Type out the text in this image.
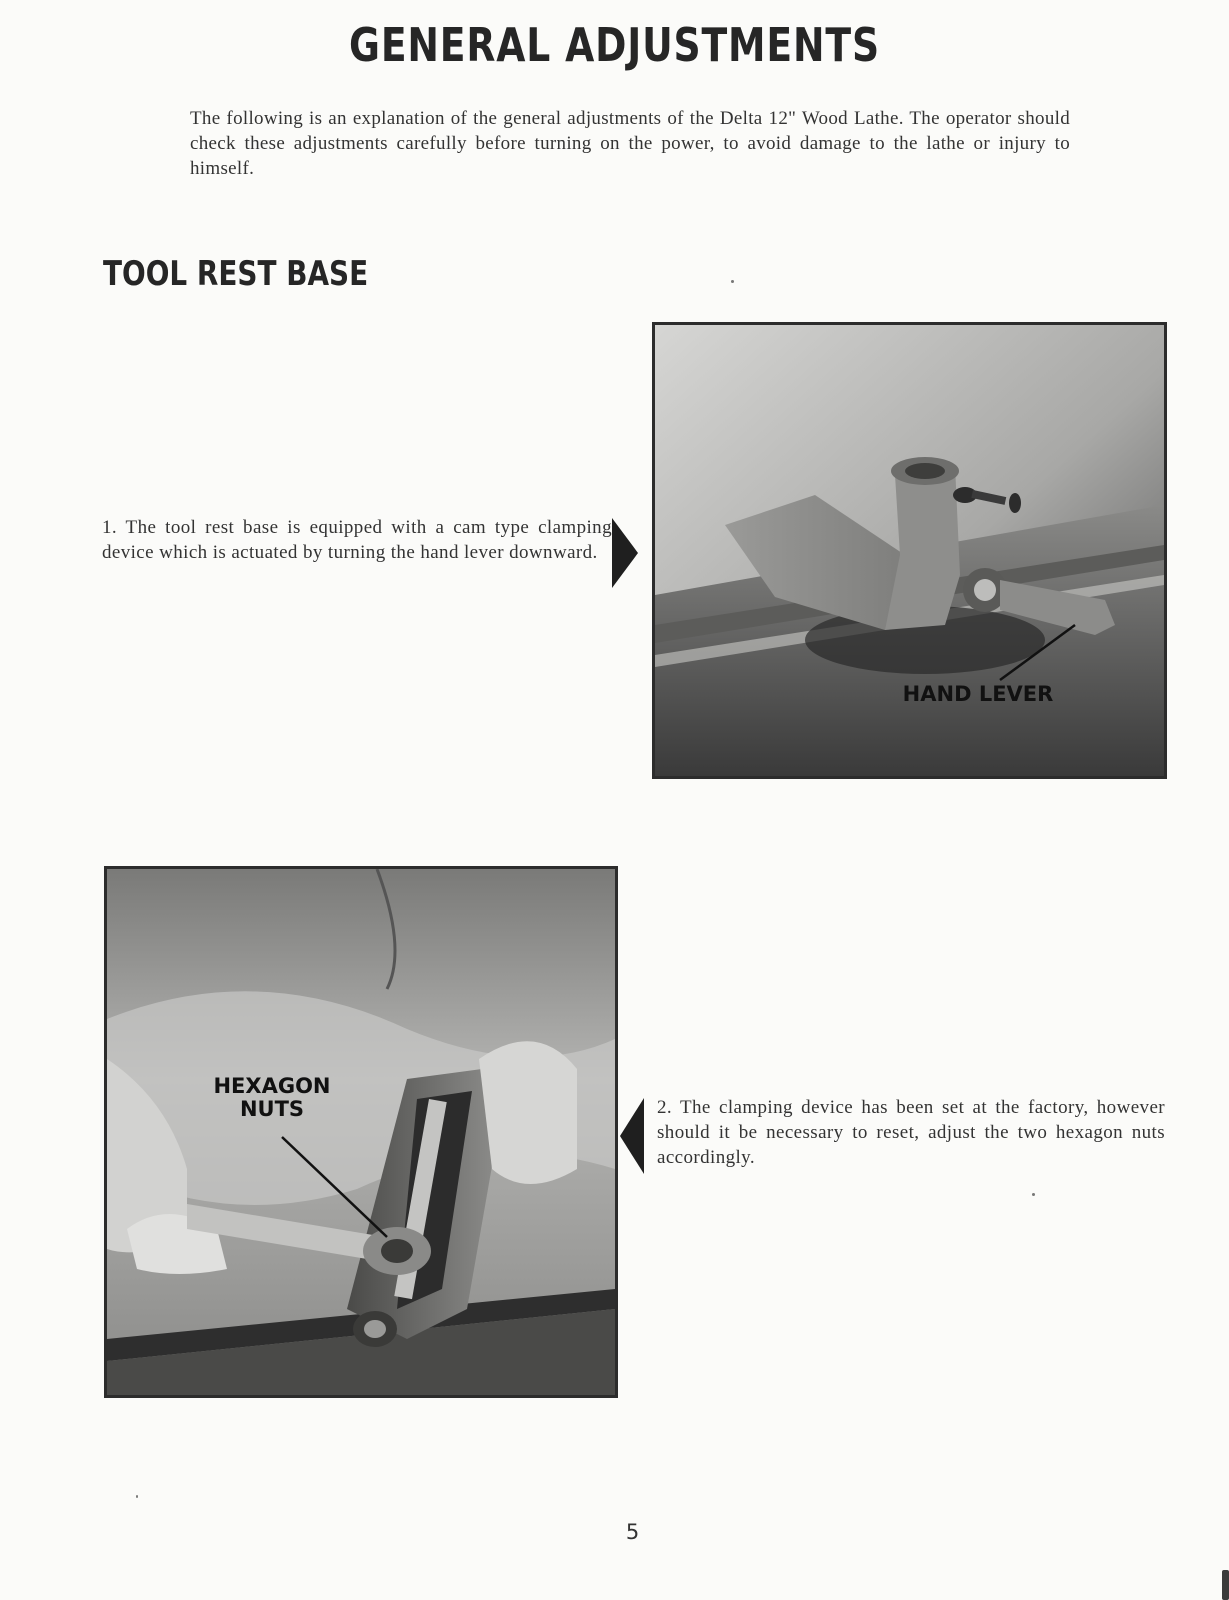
GENERAL ADJUSTMENTS
The following is an explanation of the general adjustments of the Delta 12" Wood Lathe. The operator should check these adjustments carefully before turning on the power, to avoid damage to the lathe or injury to himself.
TOOL REST BASE
1. The tool rest base is equipped with a cam type clamping device which is actuated by turning the hand lever downward.
HAND LEVER
HEXAGON
NUTS	2. The clamping device has been set at the factory, however should it be necessary to reset, adjust the two hexagon nuts accordingly.
5
